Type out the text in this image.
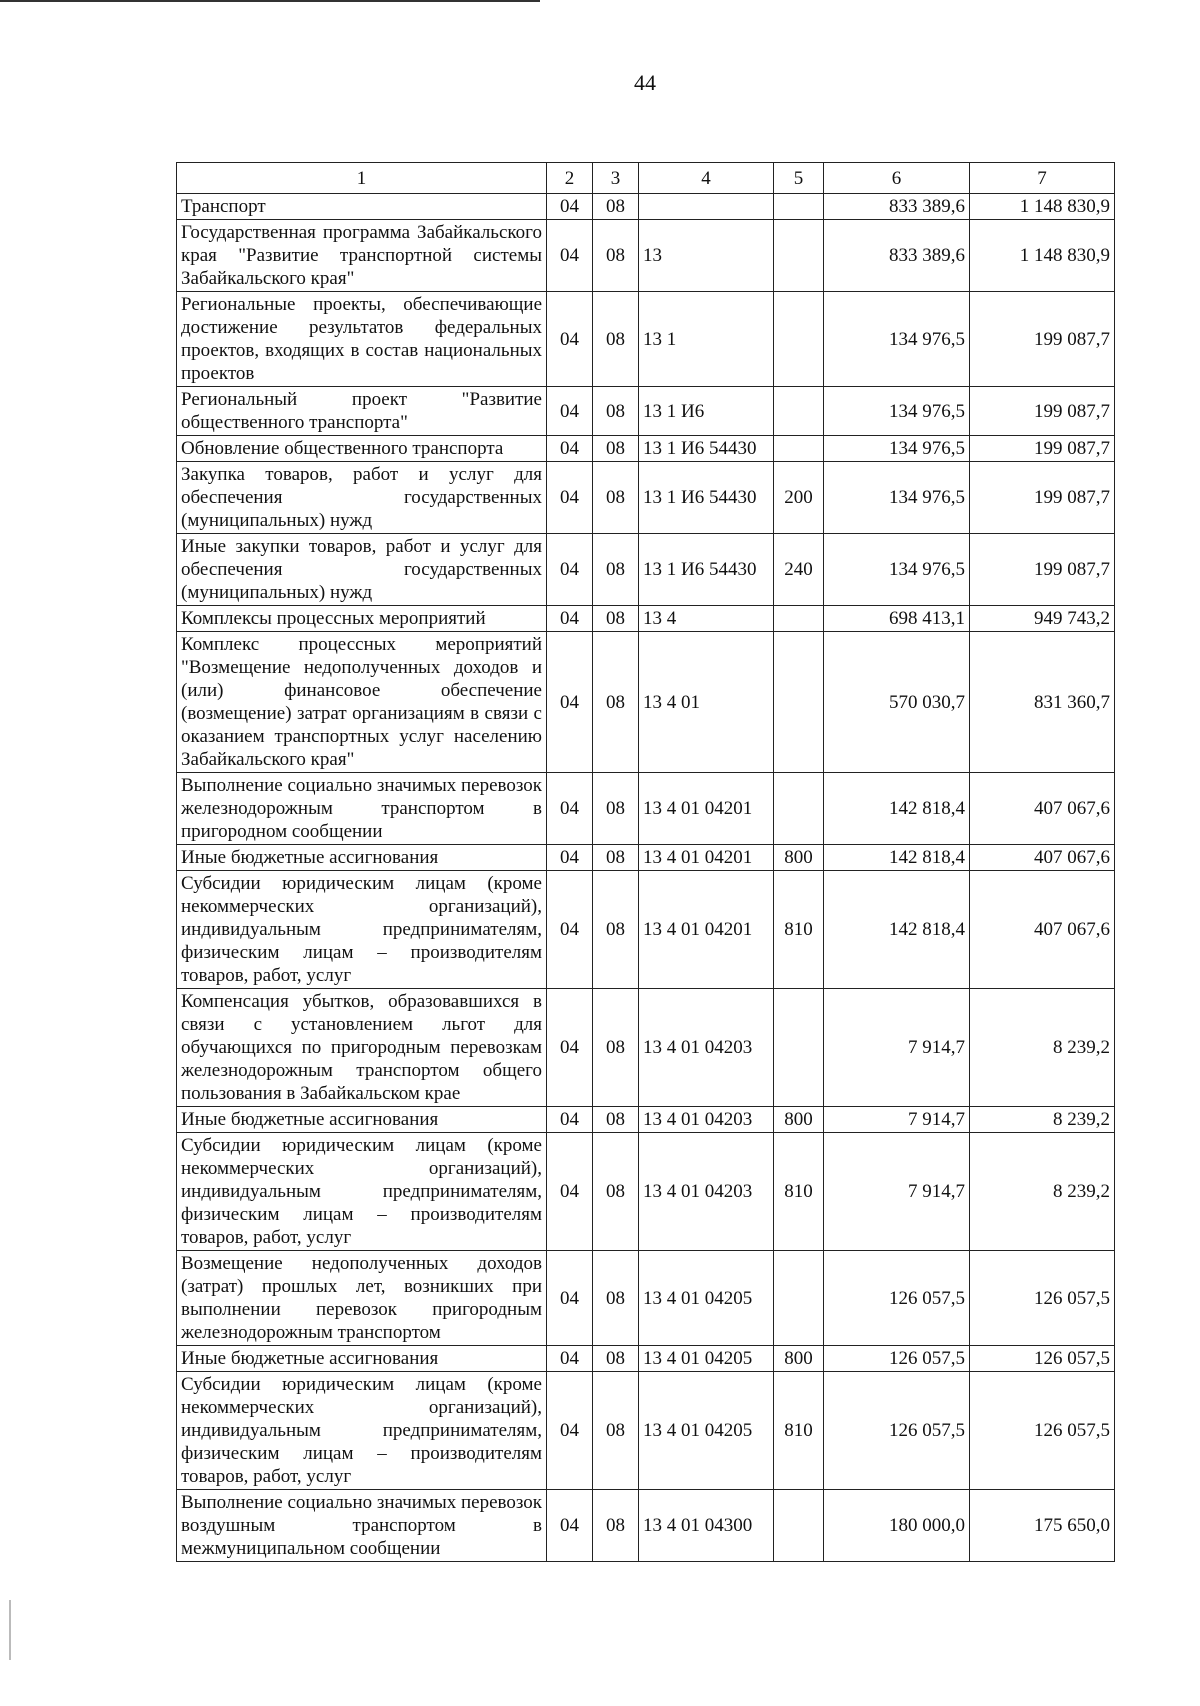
44
1	2	3	4	5	6	7
Транспорт	04	08			833 389,6	1 148 830,9
Государственная программа Забайкальского края "Развитие транспортной системы Забайкальского края"	04	08	13		833 389,6	1 148 830,9
Региональные проекты, обеспечивающие достижение результатов федеральных проектов, входящих в состав национальных проектов	04	08	13 1		134 976,5	199 087,7
Региональный проект "Развитие общественного транспорта"	04	08	13 1 И6		134 976,5	199 087,7
Обновление общественного транспорта	04	08	13 1 И6 54430		134 976,5	199 087,7
Закупка товаров, работ и услуг для обеспечения государственных (муниципальных) нужд	04	08	13 1 И6 54430	200	134 976,5	199 087,7
Иные закупки товаров, работ и услуг для обеспечения государственных (муниципальных) нужд	04	08	13 1 И6 54430	240	134 976,5	199 087,7
Комплексы процессных мероприятий	04	08	13 4		698 413,1	949 743,2
Комплекс процессных мероприятий "Возмещение недополученных доходов и (или) финансовое обеспечение (возмещение) затрат организациям в связи с оказанием транспортных услуг населению Забайкальского края"	04	08	13 4 01		570 030,7	831 360,7
Выполнение социально значимых перевозок железнодорожным транспортом в пригородном сообщении	04	08	13 4 01 04201		142 818,4	407 067,6
Иные бюджетные ассигнования	04	08	13 4 01 04201	800	142 818,4	407 067,6
Субсидии юридическим лицам (кроме некоммерческих организаций), индивидуальным предпринимателям, физическим лицам – производителям товаров, работ, услуг	04	08	13 4 01 04201	810	142 818,4	407 067,6
Компенсация убытков, образовавшихся в связи с установлением льгот для обучающихся по пригородным перевозкам железнодорожным транспортом общего пользования в Забайкальском крае	04	08	13 4 01 04203		7 914,7	8 239,2
Иные бюджетные ассигнования	04	08	13 4 01 04203	800	7 914,7	8 239,2
Субсидии юридическим лицам (кроме некоммерческих организаций), индивидуальным предпринимателям, физическим лицам – производителям товаров, работ, услуг	04	08	13 4 01 04203	810	7 914,7	8 239,2
Возмещение недополученных доходов (затрат) прошлых лет, возникших при выполнении перевозок пригородным железнодорожным транспортом	04	08	13 4 01 04205		126 057,5	126 057,5
Иные бюджетные ассигнования	04	08	13 4 01 04205	800	126 057,5	126 057,5
Субсидии юридическим лицам (кроме некоммерческих организаций), индивидуальным предпринимателям, физическим лицам – производителям товаров, работ, услуг	04	08	13 4 01 04205	810	126 057,5	126 057,5
Выполнение социально значимых перевозок воздушным транспортом в межмуниципальном сообщении	04	08	13 4 01 04300		180 000,0	175 650,0
